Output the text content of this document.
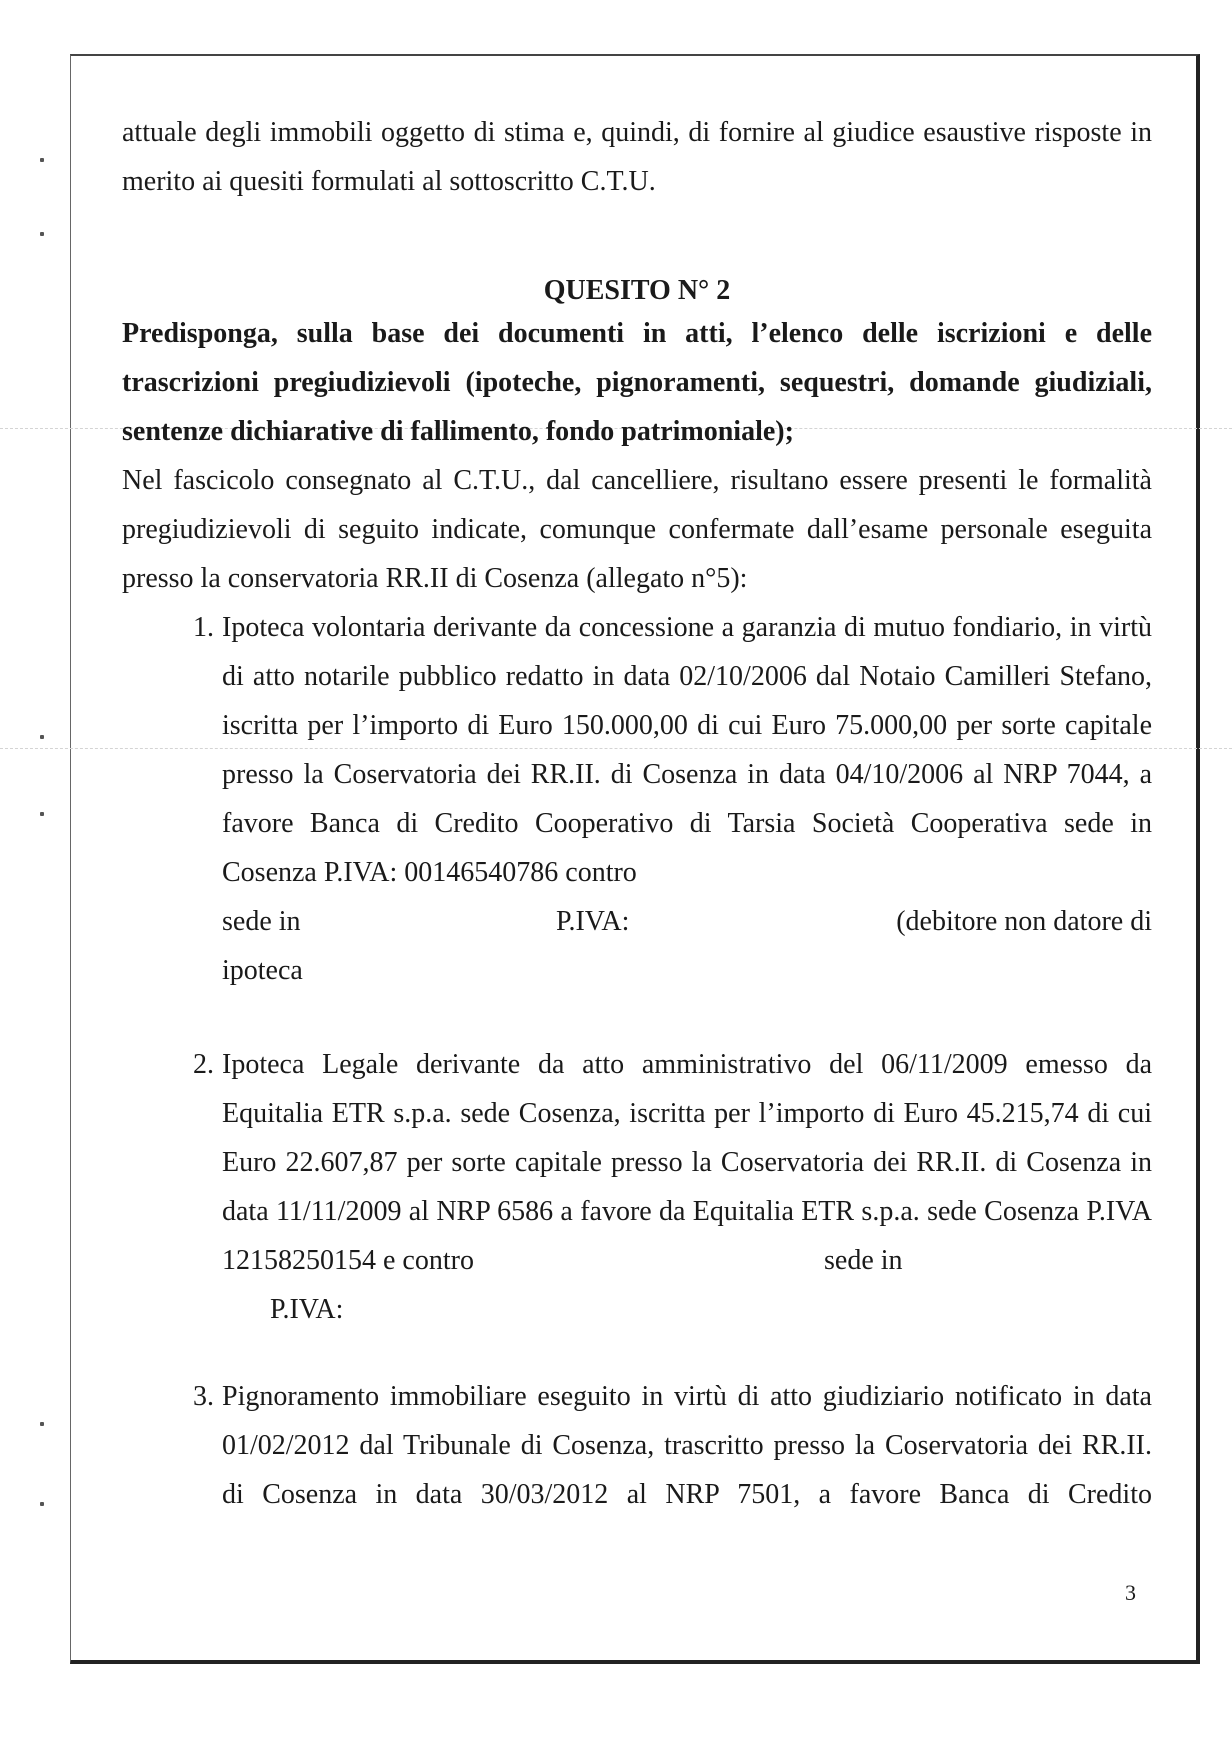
attuale degli immobili oggetto di stima e, quindi, di fornire al giudice esaustive risposte in merito ai quesiti formulati al sottoscritto C.T.U.

QUESITO N° 2

Predisponga, sulla base dei documenti in atti, l’elenco delle iscrizioni e delle trascrizioni pregiudizievoli (ipoteche, pignoramenti, sequestri, domande giudiziali, sentenze dichiarative di fallimento, fondo patrimoniale);

Nel fascicolo consegnato al C.T.U., dal cancelliere, risultano essere presenti le formalità pregiudizievoli di seguito indicate, comunque confermate dall’esame personale eseguita presso la conservatoria RR.II di Cosenza (allegato n°5):

1. Ipoteca volontaria derivante da concessione a garanzia di mutuo fondiario, in virtù di atto notarile pubblico redatto in data 02/10/2006 dal Notaio Camilleri Stefano, iscritta per l’importo di Euro 150.000,00 di cui Euro 75.000,00 per sorte capitale presso la Coservatoria dei RR.II. di Cosenza in data 04/10/2006 al NRP 7044, a favore Banca di Credito Cooperativo di Tarsia Società Cooperativa sede in Cosenza P.IVA: 00146540786 contro
sede in	P.IVA:	(debitore non datore di
ipoteca
2. Ipoteca Legale derivante da atto amministrativo del 06/11/2009 emesso da Equitalia ETR s.p.a. sede Cosenza, iscritta per l’importo di Euro 45.215,74 di cui Euro 22.607,87 per sorte capitale presso la Coservatoria dei RR.II. di Cosenza in data 11/11/2009 al NRP 6586 a favore da Equitalia ETR s.p.a. sede Cosenza P.IVA 12158250154 e contro	sede in
P.IVA:
3. Pignoramento immobiliare eseguito in virtù di atto giudiziario notificato in data 01/02/2012 dal Tribunale di Cosenza, trascritto presso la Coservatoria dei RR.II. di Cosenza in data 30/03/2012 al NRP 7501, a favore Banca di Credito
3
